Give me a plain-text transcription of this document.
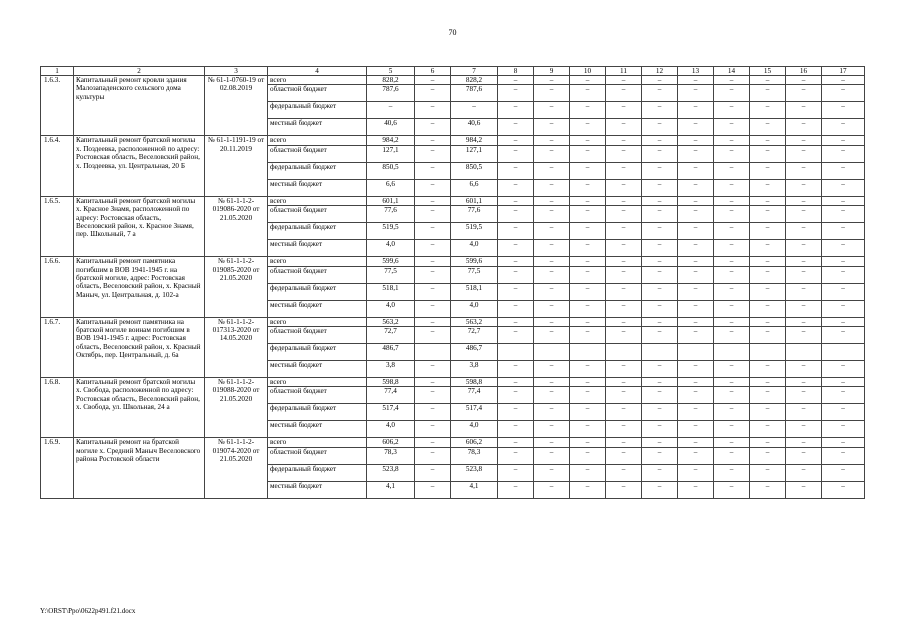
70
1	2	3	4	5	6	7	8	9	10	11	12	13	14	15	16	17
1.6.3.	Капитальный ремонт кровли здания Малозападенского сельского дома культуры	№ 61-1-0760-19 от 02.08.2019	всего	828,2	–	828,2	–	–	–	–	–	–	–	–	–	–
			областной бюджет	787,6	–	787,6	–	–	–	–	–	–	–	–	–	–
			федеральный бюджет	–	–	–	–	–	–	–	–	–	–	–	–	–
			местный бюджет	40,6	–	40,6	–	–	–	–	–	–	–	–	–	–
1.6.4.	Капитальный ремонт братской могилы х. Поздеевка, расположенной по адресу: Ростовская область, Веселовский район, х. Поздеевка, ул. Центральная, 20 Б	№ 61-1-1191-19 от 20.11.2019	всего	984,2	–	984,2	–	–	–	–	–	–	–	–	–	–
			областной бюджет	127,1	–	127,1	–	–	–	–	–	–	–	–	–	–
			федеральный бюджет	850,5	–	850,5	–	–	–	–	–	–	–	–	–	–
			местный бюджет	6,6	–	6,6	–	–	–	–	–	–	–	–	–	–
1.6.5.	Капитальный ремонт братской могилы х. Красное Знамя, расположенной по адресу: Ростовская область, Веселовский район, х. Красное Знамя, пер. Школьный, 7 а	№ 61-1-1-2-019086-2020 от 21.05.2020	всего	601,1	–	601,1	–	–	–	–	–	–	–	–	–	–
			областной бюджет	77,6	–	77,6	–	–	–	–	–	–	–	–	–	–
			федеральный бюджет	519,5	–	519,5	–	–	–	–	–	–	–	–	–	–
			местный бюджет	4,0	–	4,0	–	–	–	–	–	–	–	–	–	–
1.6.6.	Капитальный ремонт памятника погибшим в ВОВ 1941-1945 г. на братской могиле, адрес: Ростовская область, Веселовский район, х. Красный Маныч, ул. Центральная, д. 102-а	№ 61-1-1-2-019085-2020 от 21.05.2020	всего	599,6	–	599,6	–	–	–	–	–	–	–	–	–	–
			областной бюджет	77,5	–	77,5	–	–	–	–	–	–	–	–	–	–
			федеральный бюджет	518,1	–	518,1	–	–	–	–	–	–	–	–	–	–
			местный бюджет	4,0	–	4,0	–	–	–	–	–	–	–	–	–	–
1.6.7.	Капитальный ремонт памятника на братской могиле воинам погибшим в ВОВ 1941-1945 г. адрес: Ростовская область, Веселовский район, х. Красный Октябрь, пер. Центральный, д. 6а	№ 61-1-1-2-017313-2020 от 14.05.2020	всего	563,2	–	563,2	–	–	–	–	–	–	–	–	–	–
			областной бюджет	72,7	–	72,7	–	–	–	–	–	–	–	–	–	–
			федеральный бюджет	486,7		486,7										
			местный бюджет	3,8	–	3,8	–	–	–	–	–	–	–	–	–	–
1.6.8.	Капитальный ремонт братской могилы х. Свобода, расположенной по адресу: Ростовская область, Веселовский район, х. Свобода, ул. Школьная, 24 а	№ 61-1-1-2-019088-2020 от 21.05.2020	всего	598,8	–	598,8	–	–	–	–	–	–	–	–	–	–
			областной бюджет	77,4	–	77,4	–	–	–	–	–	–	–	–	–	–
			федеральный бюджет	517,4	–	517,4	–	–	–	–	–	–	–	–	–	–
			местный бюджет	4,0	–	4,0	–	–	–	–	–	–	–	–	–	–
1.6.9.	Капитальный ремонт на братской могиле х. Средний Маныч Веселовского района Ростовской области	№ 61-1-1-2-019074-2020 от 21.05.2020	всего	606,2	–	606,2	–	–	–	–	–	–	–	–	–	–
			областной бюджет	78,3	–	78,3	–	–	–	–	–	–	–	–	–	–
			федеральный бюджет	523,8	–	523,8	–	–	–	–	–	–	–	–	–	–
			местный бюджет	4,1	–	4,1	–	–	–	–	–	–	–	–	–	–
Y:\ORST\Ppo\0622p491.f21.docx
